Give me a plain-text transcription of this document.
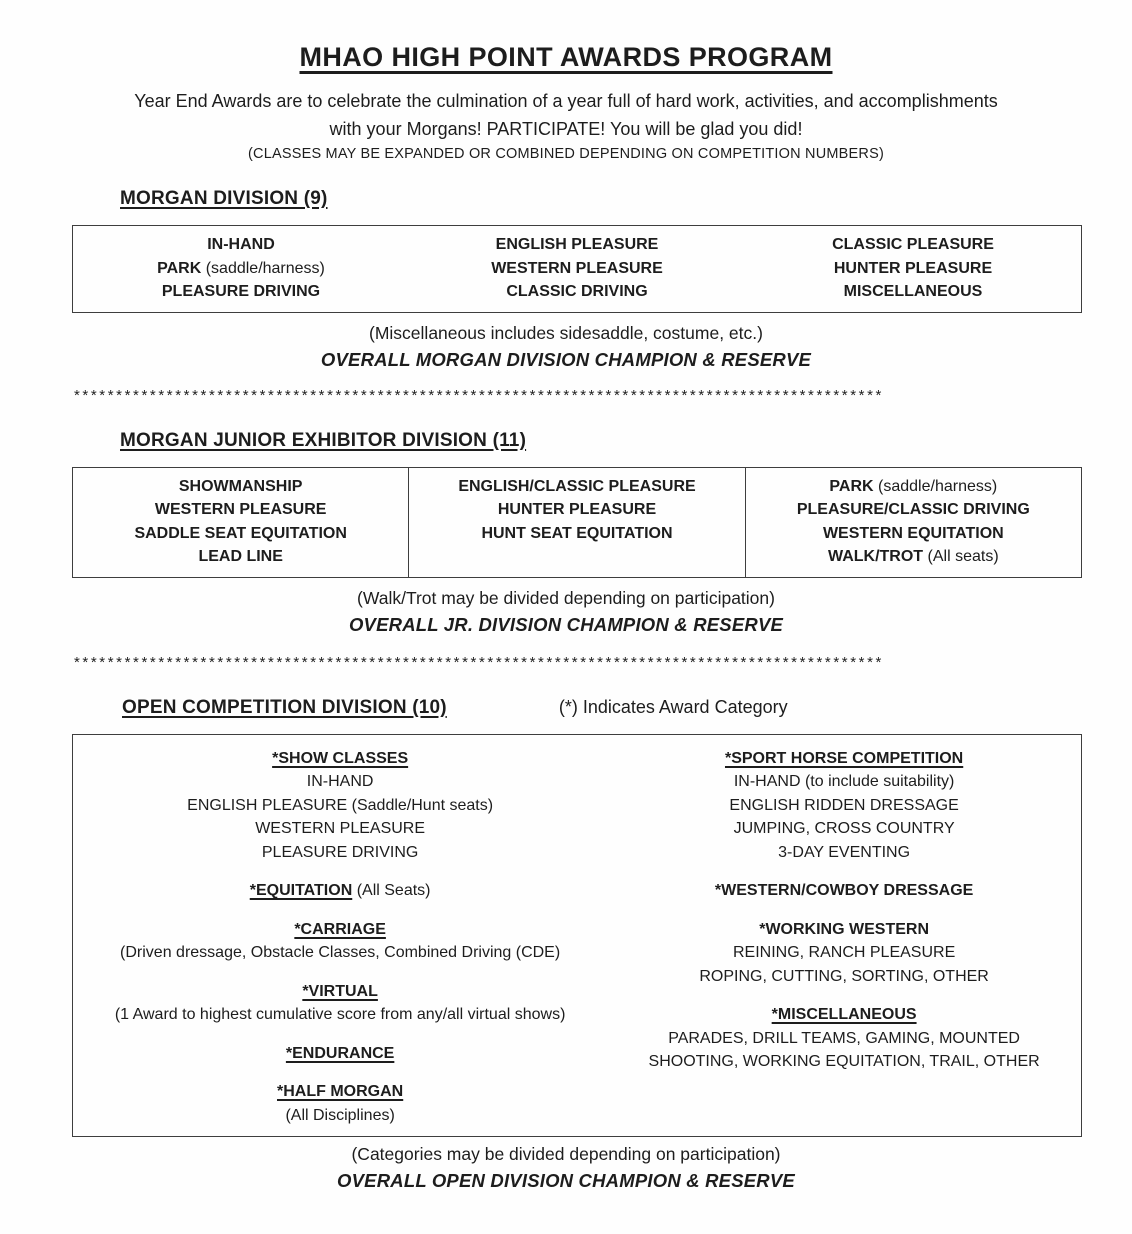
MHAO HIGH POINT AWARDS PROGRAM

Year End Awards are to celebrate the culmination of a year full of hard work, activities, and accomplishments
with your Morgans! PARTICIPATE! You will be glad you did!

(CLASSES MAY BE EXPANDED OR COMBINED DEPENDING ON COMPETITION NUMBERS)

MORGAN DIVISION (9)
IN-HAND
PARK (saddle/harness)
PLEASURE DRIVING
ENGLISH PLEASURE
WESTERN PLEASURE
CLASSIC DRIVING
CLASSIC PLEASURE
HUNTER PLEASURE
MISCELLANEOUS

(Miscellaneous includes sidesaddle, costume, etc.)

OVERALL MORGAN DIVISION CHAMPION & RESERVE

************************************************************************************************
MORGAN JUNIOR EXHIBITOR DIVISION (11)
SHOWMANSHIP
WESTERN PLEASURE
SADDLE SEAT EQUITATION
LEAD LINE
ENGLISH/CLASSIC PLEASURE
HUNTER PLEASURE
HUNT SEAT EQUITATION
PARK (saddle/harness)
PLEASURE/CLASSIC DRIVING
WESTERN EQUITATION
WALK/TROT (All seats)

(Walk/Trot may be divided depending on participation)

OVERALL JR. DIVISION CHAMPION & RESERVE

************************************************************************************************
OPEN COMPETITION DIVISION (10)	(*) Indicates Award Category
*SHOW CLASSES
IN-HAND
ENGLISH PLEASURE (Saddle/Hunt seats)
WESTERN PLEASURE
PLEASURE DRIVING
*EQUITATION (All Seats)
*CARRIAGE
(Driven dressage, Obstacle Classes, Combined Driving (CDE)
*VIRTUAL
(1 Award to highest cumulative score from any/all virtual shows)
*ENDURANCE
*HALF MORGAN
(All Disciplines)
*SPORT HORSE COMPETITION
IN-HAND (to include suitability)
ENGLISH RIDDEN DRESSAGE
JUMPING, CROSS COUNTRY
3-DAY EVENTING
*WESTERN/COWBOY DRESSAGE
*WORKING WESTERN
REINING, RANCH PLEASURE
ROPING, CUTTING, SORTING, OTHER
*MISCELLANEOUS
PARADES, DRILL TEAMS, GAMING, MOUNTED
SHOOTING, WORKING EQUITATION, TRAIL, OTHER

(Categories may be divided depending on participation)

OVERALL OPEN DIVISION CHAMPION & RESERVE
